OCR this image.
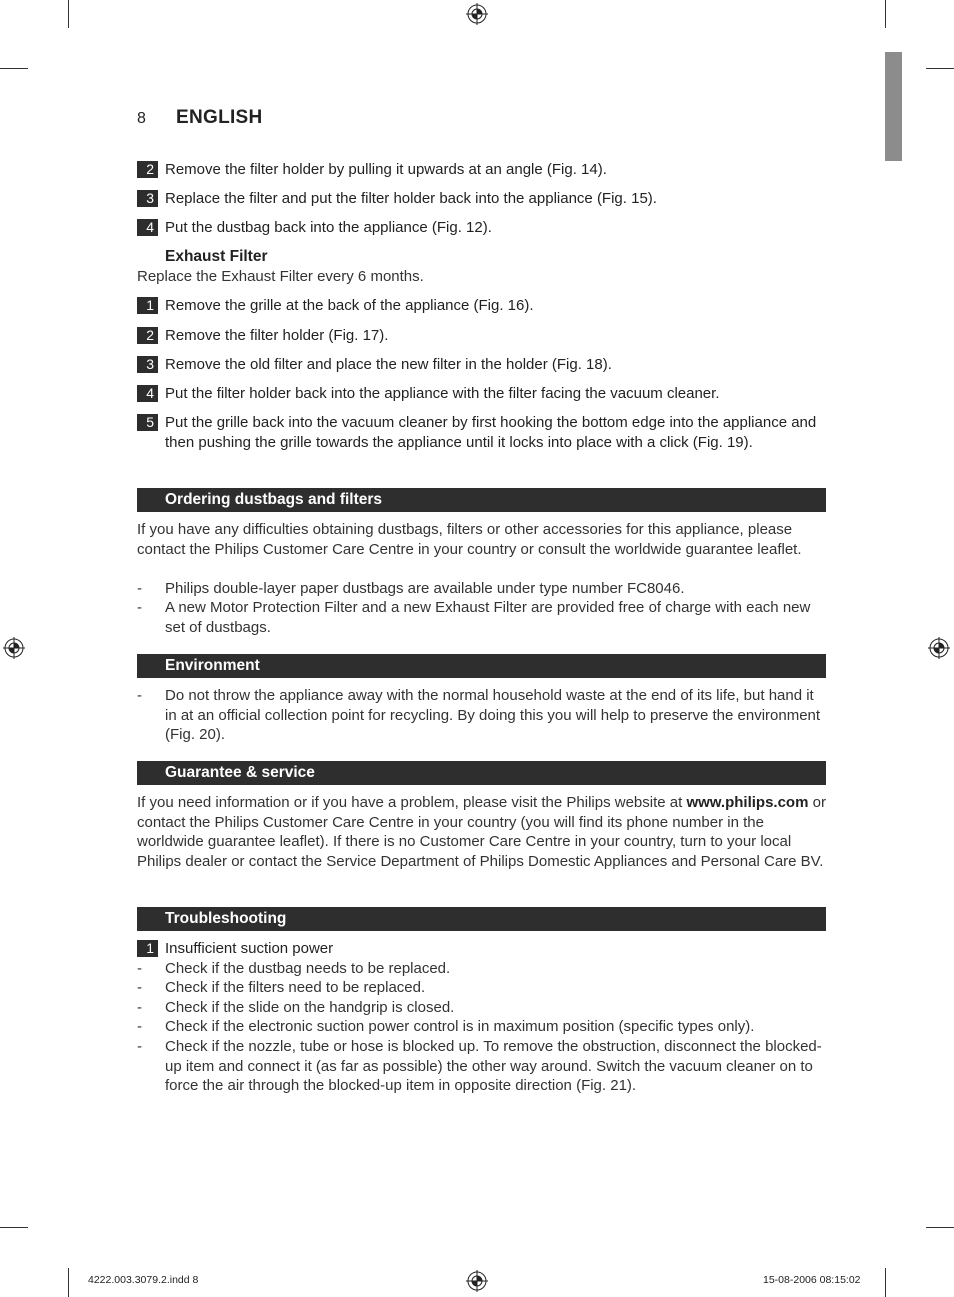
8 ENGLISH
2 Remove the filter holder by pulling it upwards at an angle (Fig. 14).
3 Replace the filter and put the filter holder back into the appliance (Fig. 15).
4 Put the dustbag back into the appliance (Fig. 12).
Exhaust Filter
Replace the Exhaust Filter every 6 months.
1 Remove the grille at the back of the appliance (Fig. 16).
2 Remove the filter holder (Fig. 17).
3 Remove the old filter and place the new filter in the holder (Fig. 18).
4 Put the filter holder back into the appliance with the filter facing the vacuum cleaner.
5 Put the grille back into the vacuum cleaner by first hooking the bottom edge into the appliance and then pushing the grille towards the appliance until it locks into place with a click (Fig. 19).
Ordering dustbags and filters
If you have any difficulties obtaining dustbags, filters or other accessories for this appliance, please contact the Philips Customer Care Centre in your country or consult the worldwide guarantee leaflet.
- Philips double-layer paper dustbags are available under type number FC8046.
- A new Motor Protection Filter and a new Exhaust Filter are provided free of charge with each new set of dustbags.
Environment
- Do not throw the appliance away with the normal household waste at the end of its life, but hand it in at an official collection point for recycling. By doing this you will help to preserve the environment (Fig. 20).
Guarantee & service
If you need information or if you have a problem, please visit the Philips website at www.philips.com or contact the Philips Customer Care Centre in your country (you will find its phone number in the worldwide guarantee leaflet). If there is no Customer Care Centre in your country, turn to your local Philips dealer or contact the Service Department of Philips Domestic Appliances and Personal Care BV.
Troubleshooting
1 Insufficient suction power
- Check if the dustbag needs to be replaced.
- Check if the filters need to be replaced.
- Check if the slide on the handgrip is closed.
- Check if the electronic suction power control is in maximum position (specific types only).
- Check if the nozzle, tube or hose is blocked up. To remove the obstruction, disconnect the blocked-up item and connect it (as far as possible) the other way around. Switch the vacuum cleaner on to force the air through the blocked-up item in opposite direction (Fig. 21).
4222.003.3079.2.indd 8	15-08-2006 08:15:02
